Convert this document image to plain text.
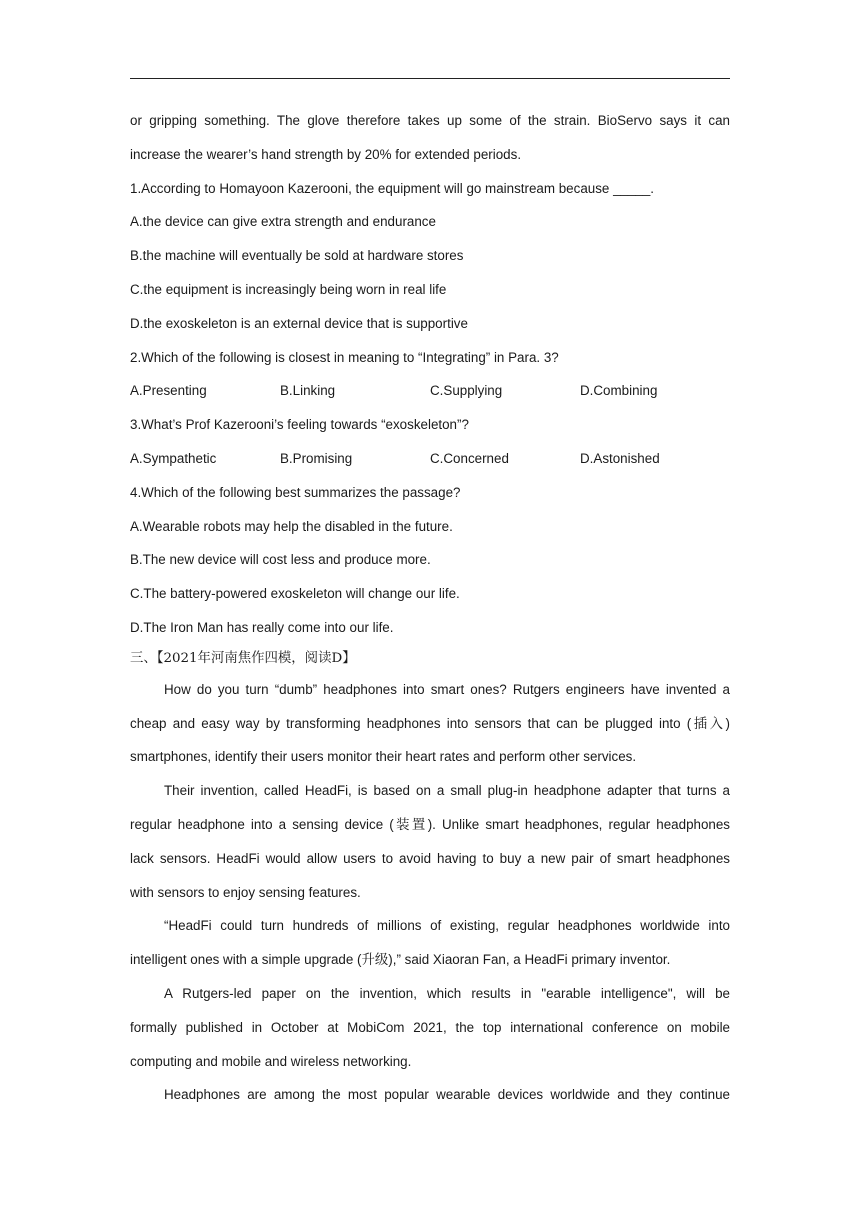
or gripping something. The glove therefore takes up some of the strain. BioServo says it can
increase the wearer’s hand strength by 20% for extended periods.
1.According to Homayoon Kazerooni, the equipment will go mainstream because _____.
A.the device can give extra strength and endurance
B.the machine will eventually be sold at hardware stores
C.the equipment is increasingly being worn in real life
D.the exoskeleton is an external device that is supportive
2.Which of the following is closest in meaning to “Integrating” in Para. 3?
A.Presenting	B.Linking	C.Supplying	D.Combining
3.What’s Prof Kazerooni’s feeling towards “exoskeleton”?
A.Sympathetic	B.Promising	C.Concerned	D.Astonished
4.Which of the following best summarizes the passage?
A.Wearable robots may help the disabled in the future.
B.The new device will cost less and produce more.
C.The battery-powered exoskeleton will change our life.
D.The Iron Man has really come into our life.
三、【2021年河南焦作四模，阅读D】
How do you turn “dumb” headphones into smart ones? Rutgers engineers have invented a
cheap and easy way by transforming headphones into sensors that can be plugged into (插入)
smartphones, identify their users monitor their heart rates and perform other services.
Their invention, called HeadFi, is based on a small plug-in headphone adapter that turns a
regular headphone into a sensing device (装置). Unlike smart headphones, regular headphones
lack sensors. HeadFi would allow users to avoid having to buy a new pair of smart headphones
with sensors to enjoy sensing features.
“HeadFi could turn hundreds of millions of existing, regular headphones worldwide into
intelligent ones with a simple upgrade (升级),” said Xiaoran Fan, a HeadFi primary inventor.
A Rutgers-led paper on the invention, which results in "earable intelligence", will be
formally published in October at MobiCom 2021, the top international conference on mobile
computing and mobile and wireless networking.
Headphones are among the most popular wearable devices worldwide and they continue
